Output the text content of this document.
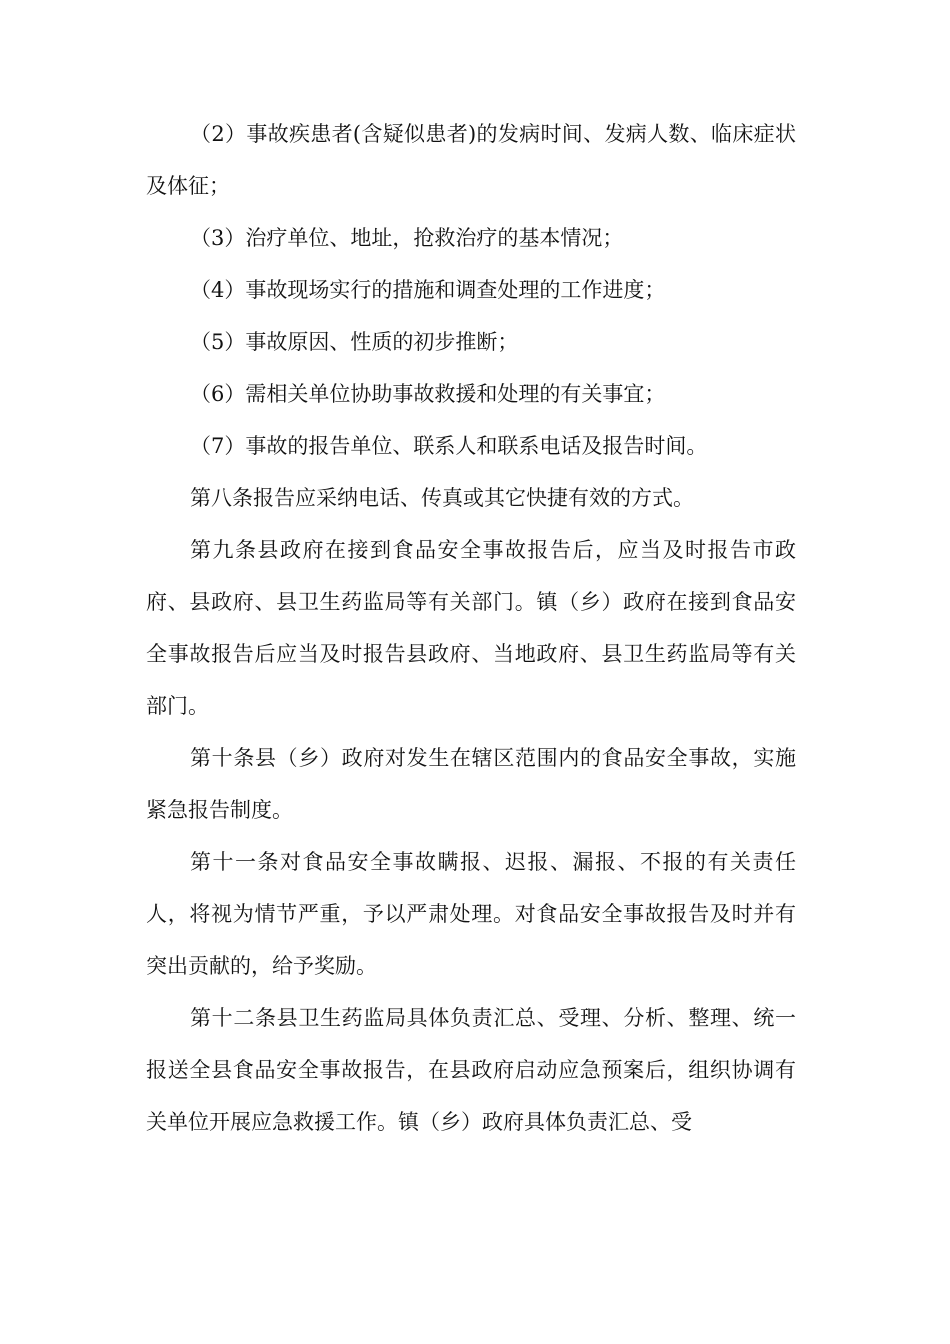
（2）事故疾患者(含疑似患者)的发病时间、发病人数、临床症状及体征；

（3）治疗单位、地址，抢救治疗的基本情况；

（4）事故现场实行的措施和调查处理的工作进度；

（5）事故原因、性质的初步推断；

（6）需相关单位协助事故救援和处理的有关事宜；

（7）事故的报告单位、联系人和联系电话及报告时间。

第八条报告应采纳电话、传真或其它快捷有效的方式。

第九条县政府在接到食品安全事故报告后，应当及时报告市政府、县政府、县卫生药监局等有关部门。镇（乡）政府在接到食品安全事故报告后应当及时报告县政府、当地政府、县卫生药监局等有关部门。

第十条县（乡）政府对发生在辖区范围内的食品安全事故，实施紧急报告制度。

第十一条对食品安全事故瞒报、迟报、漏报、不报的有关责任人，将视为情节严重，予以严肃处理。对食品安全事故报告及时并有突出贡献的，给予奖励。

第十二条县卫生药监局具体负责汇总、受理、分析、整理、统一报送全县食品安全事故报告，在县政府启动应急预案后，组织协调有关单位开展应急救援工作。镇（乡）政府具体负责汇总、受
